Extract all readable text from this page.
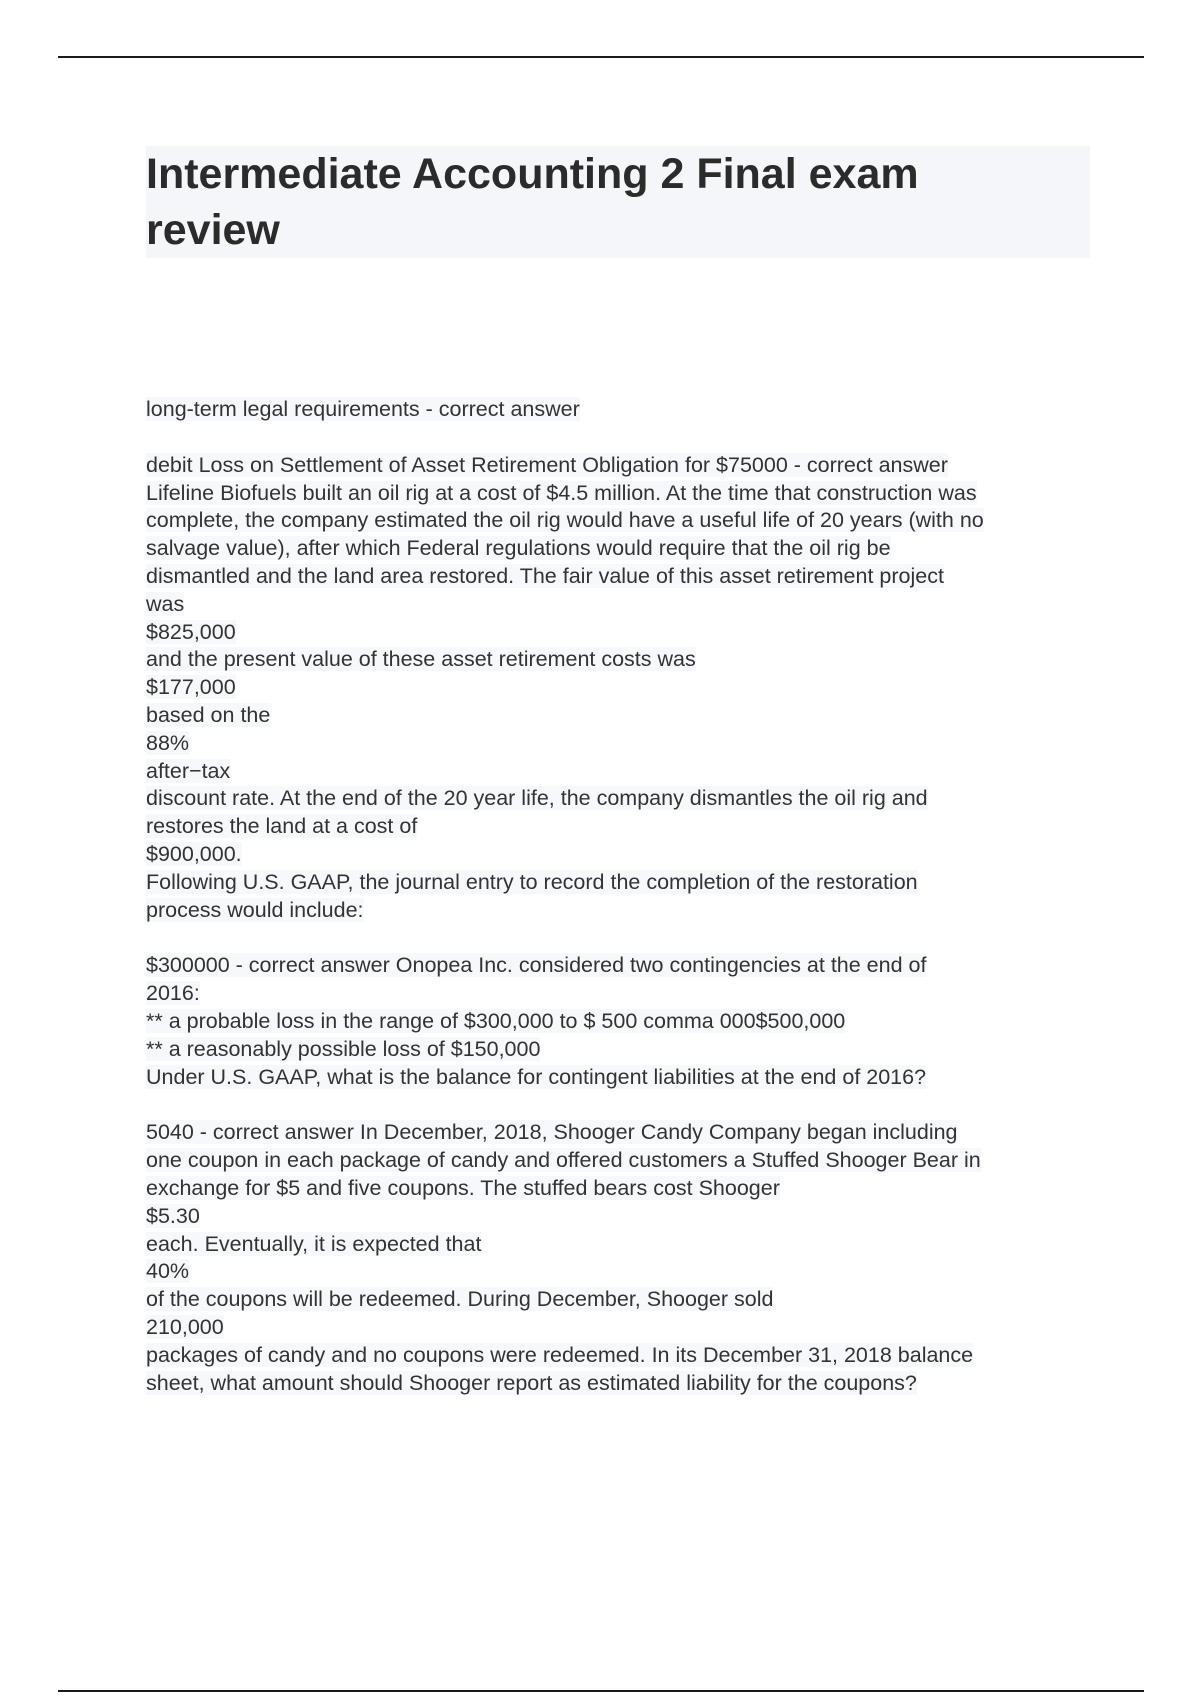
Intermediate Accounting 2 Final exam
review
long-term legal requirements - correct answer
debit Loss on Settlement of Asset Retirement Obligation for $75000 - correct answer
Lifeline Biofuels built an oil rig at a cost of $4.5 million. At the time that construction was
complete, the company estimated the oil rig would have a useful life of 20 years (with no
salvage value), after which Federal regulations would require that the oil rig be
dismantled and the land area restored. The fair value of this asset retirement project
was
$825,000
and the present value of these asset retirement costs was
$177,000
based on the
88%
after−tax
discount rate. At the end of the 20 year life, the company dismantles the oil rig and
restores the land at a cost of
$900,000.
Following U.S. GAAP, the journal entry to record the completion of the restoration
process would include:
$300000 - correct answer Onopea Inc. considered two contingencies at the end of
2016:
** a probable loss in the range of $300,000 to $ 500 comma 000$500,000
** a reasonably possible loss of $150,000
Under U.S. GAAP, what is the balance for contingent liabilities at the end of 2016?
5040 - correct answer In December, 2018, Shooger Candy Company began including
one coupon in each package of candy and offered customers a Stuffed Shooger Bear in
exchange for $5 and five coupons. The stuffed bears cost Shooger
$5.30
each. Eventually, it is expected that
40%
of the coupons will be redeemed. During December, Shooger sold
210,000
packages of candy and no coupons were redeemed. In its December 31, 2018 balance
sheet, what amount should Shooger report as estimated liability for the coupons?
